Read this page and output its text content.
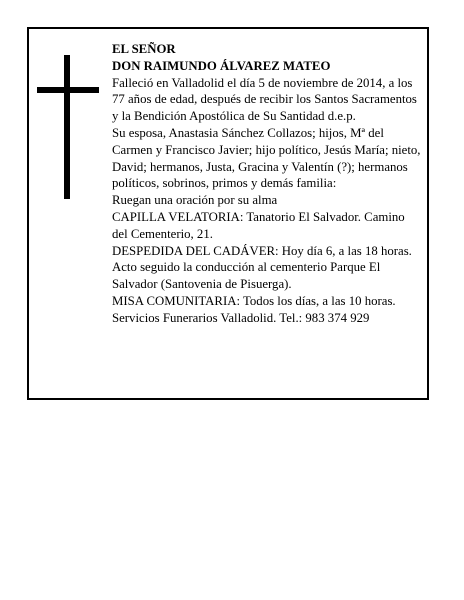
EL SEÑOR

DON RAIMUNDO ÁLVAREZ MATEO

Falleció en Valladolid el día 5 de noviembre de 2014, a los 77 años de edad, después de recibir los Santos Sacramentos y la Bendición Apostólica de Su Santidad d.e.p.

Su esposa, Anastasia Sánchez Collazos; hijos, Mª del Carmen y Francisco Javier; hijo político, Jesús María; nieto, David; hermanos, Justa, Gracina y Valentín (?); hermanos políticos, sobrinos, primos y demás familia:

Ruegan una oración por su alma

CAPILLA VELATORIA: Tanatorio El Salvador. Camino del Cementerio, 21.

DESPEDIDA DEL CADÁVER: Hoy día 6, a las 18 horas. Acto seguido la conducción al cementerio Parque El Salvador (Santovenia de Pisuerga).

MISA COMUNITARIA: Todos los días, a las 10 horas.

Servicios Funerarios Valladolid. Tel.: 983 374 929
